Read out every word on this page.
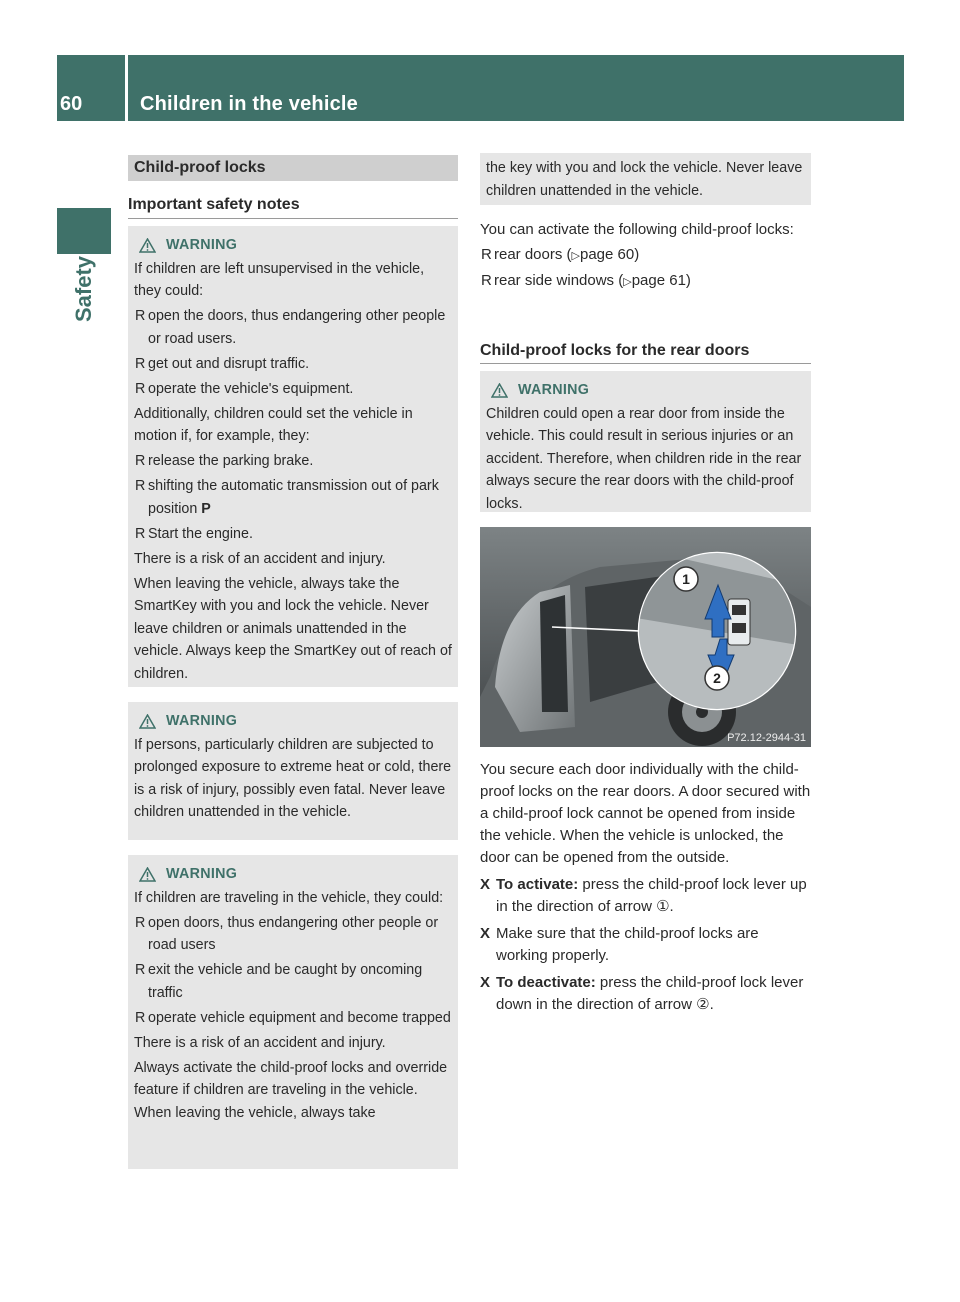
60	Children in the vehicle
Safety
Child-proof locks
Important safety notes
WARNING

If children are left unsupervised in the vehicle, they could:

R open the doors, thus endangering other people or road users.
R get out and disrupt traffic.
R operate the vehicle's equipment.

Additionally, children could set the vehicle in motion if, for example, they:

R release the parking brake.
R shifting the automatic transmission out of park position P
R Start the engine.

There is a risk of an accident and injury.

When leaving the vehicle, always take the SmartKey with you and lock the vehicle. Never leave children or animals unattended in the vehicle. Always keep the SmartKey out of reach of children.

WARNING

If persons, particularly children are subjected to prolonged exposure to extreme heat or cold, there is a risk of injury, possibly even fatal. Never leave children unattended in the vehicle.

WARNING

If children are traveling in the vehicle, they could:

R open doors, thus endangering other people or road users
R exit the vehicle and be caught by oncoming traffic
R operate vehicle equipment and become trapped

There is a risk of an accident and injury.

Always activate the child-proof locks and override feature if children are traveling in the vehicle. When leaving the vehicle, always take

the key with you and lock the vehicle. Never leave children unattended in the vehicle.

You can activate the following child-proof locks:

R rear doors (▷page 60)
R rear side windows (▷page 61)
Child-proof locks for the rear doors
WARNING

Children could open a rear door from inside the vehicle. This could result in serious injuries or an accident. Therefore, when children ride in the rear always secure the rear doors with the child-proof locks.

1
2
P72.12-2944-31

You secure each door individually with the child-proof locks on the rear doors. A door secured with a child-proof lock cannot be opened from inside the vehicle. When the vehicle is unlocked, the door can be opened from the outside.

X To activate: press the child-proof lock lever up in the direction of arrow ①.
X Make sure that the child-proof locks are working properly.
X To deactivate: press the child-proof lock lever down in the direction of arrow ②.
